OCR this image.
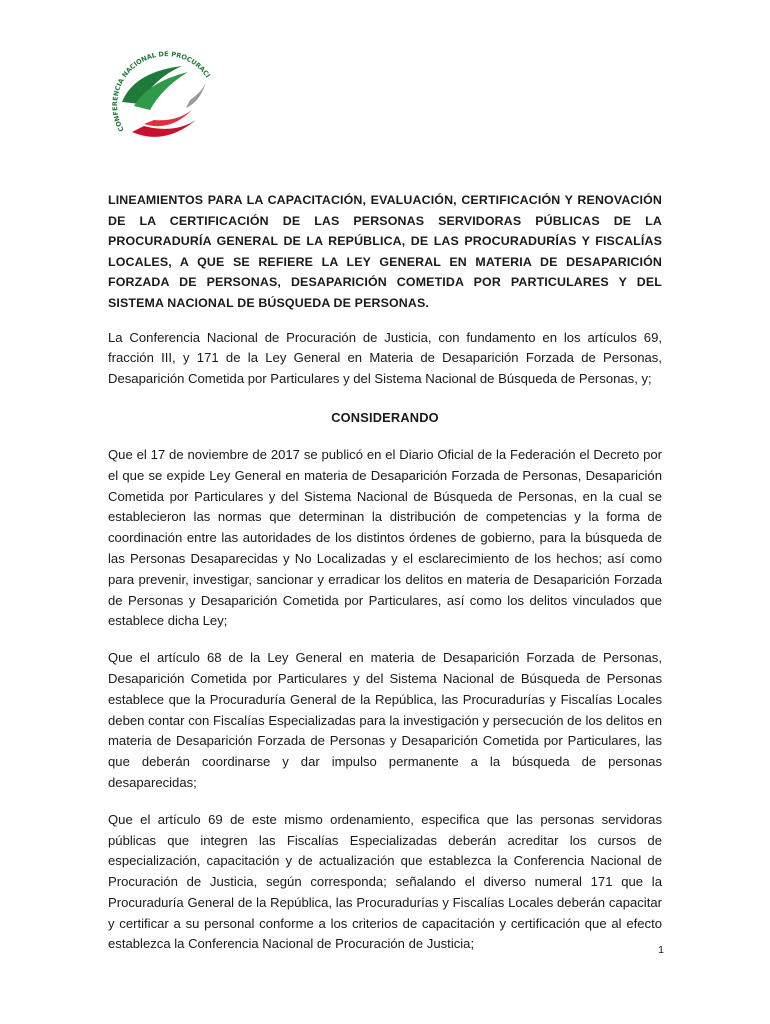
CONFERENCIA NACIONAL DE PROCURACI

LINEAMIENTOS PARA LA CAPACITACIÓN, EVALUACIÓN, CERTIFICACIÓN Y RENOVACIÓN DE LA CERTIFICACIÓN DE LAS PERSONAS SERVIDORAS PÚBLICAS DE LA PROCURADURÍA GENERAL DE LA REPÚBLICA, DE LAS PROCURADURÍAS Y FISCALÍAS LOCALES, A QUE SE REFIERE LA LEY GENERAL EN MATERIA DE DESAPARICIÓN FORZADA DE PERSONAS, DESAPARICIÓN COMETIDA POR PARTICULARES Y DEL SISTEMA NACIONAL DE BÚSQUEDA DE PERSONAS.

La Conferencia Nacional de Procuración de Justicia, con fundamento en los artículos 69, fracción III, y 171 de la Ley General en Materia de Desaparición Forzada de Personas, Desaparición Cometida por Particulares y del Sistema Nacional de Búsqueda de Personas, y;

CONSIDERANDO

Que el 17 de noviembre de 2017 se publicó en el Diario Oficial de la Federación el Decreto por el que se expide Ley General en materia de Desaparición Forzada de Personas, Desaparición Cometida por Particulares y del Sistema Nacional de Búsqueda de Personas, en la cual se establecieron las normas que determinan la distribución de competencias y la forma de coordinación entre las autoridades de los distintos órdenes de gobierno, para la búsqueda de las Personas Desaparecidas y No Localizadas y el esclarecimiento de los hechos; así como para prevenir, investigar, sancionar y erradicar los delitos en materia de Desaparición Forzada de Personas y Desaparición Cometida por Particulares, así como los delitos vinculados que establece dicha Ley;

Que el artículo 68 de la Ley General en materia de Desaparición Forzada de Personas, Desaparición Cometida por Particulares y del Sistema Nacional de Búsqueda de Personas establece que la Procuraduría General de la República, las Procuradurías y Fiscalías Locales deben contar con Fiscalías Especializadas para la investigación y persecución de los delitos en materia de Desaparición Forzada de Personas y Desaparición Cometida por Particulares, las que deberán coordinarse y dar impulso permanente a la búsqueda de personas desaparecidas;

Que el artículo 69 de este mismo ordenamiento, especifica que las personas servidoras públicas que integren las Fiscalías Especializadas deberán acreditar los cursos de especialización, capacitación y de actualización que establezca la Conferencia Nacional de Procuración de Justicia, según corresponda; señalando el diverso numeral 171 que la Procuraduría General de la República, las Procuradurías y Fiscalías Locales deberán capacitar y certificar a su personal conforme a los criterios de capacitación y certificación que al efecto establezca la Conferencia Nacional de Procuración de Justicia;	1
